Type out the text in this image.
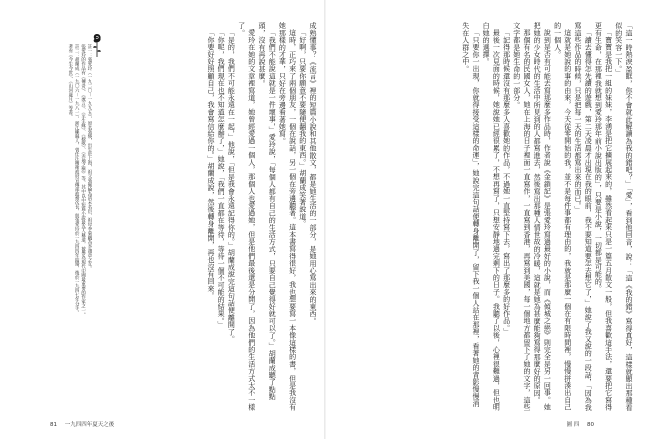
「這一時熱淚盈眶，你不會就此解讀為我的錯吧？」「愛」，看到他回音，說：「這《我的錯》寫得真好，這樣就顯出那種看似的笑容一下。」

「寶寶是我把一組的妹妹，李湧是把它擴展起來的，雖然看起來只是一篇五月散文一般，但我喜歡這手法，還要把它寫得更有生命，在那裡我就想到愛玲那年前小說出版的」，只要是小說，一切都是可能的。

「讀去懂得怎先讀的遊戲，第二天凌晨才出現在我的眼前，我不要知道要怎去想它了，」她說了我又說的一段話，「因為我寫這些作品的時候，只是把每一天的生活都寫出來的而已。」

這就是她說的事的由來，今天從零開始的我，並不是每件事都有理由的，我就是那麼一個在有限時間裡，慢慢拼湊出自己的一個人。

說到是否有可能去寫那麼多作品時，作者說《金鎖記》是張愛玲寫過最好的小說，而《傾城之戀》則完全是另一回事。她把她的少女時代的生活中所見到的人都寫進去，然後寫出那種人情世故的冷暖，這就是她為甚麼能夠寫得那麼好的原因。

那個有名的民國女人，她在上海的日子裡面一直寫作，一直寫到香港，再寫到美國，每一個地方都留下了她的文字，這些文字都是她生命的一部分。

「記得那時候還沒有那麼多人喜歡她的作品，不過她一直堅持寫下去，寫出了那麼多的好作品。」

最後一次見面的時候，她說她已經很累了，不想再寫了，只想安靜地過完剩下的日子。我聽了以後，心裡很難過，但也明白她的選擇。

「只要你一出現，你就得接受這樣的命運」，她說完這句話便轉身離開了，留下我一個人站在那裡，看著她的背影慢慢消失在人群之中。

圖 四 80

成熟懂事？《流言》裡的短篇小說和其他散文，都是她生活的一部分，是她用心寫出來的東西。

「好啊，只要你願意不要隨便翻我的東西。」胡蘭成笑著說道。

這時，正巧來了兩個朋友，一個在說話，另一個在旁邊聽著。這本書寫得很好，我也想要寫一本像這樣的書，但是我沒有她那樣的才華，只好在旁邊看著她寫。

「我們不能說這就是一件壞事，」愛玲說，「每個人都有自己的生活方式，只要自己覺得好就可以了。」胡蘭成聽了點點頭，沒有再說甚麼。

愛玲在她的文章裡寫道，她曾經愛過一個人，那個人也愛過她，但是他們最後還是分開了，因為他們的生活方式太不一樣了。

「是的，我們不可能永遠在一起，」他說，「但是我會永遠記得你的。」胡蘭成說完這句話便離開了。

「你呢，我們現在也不知道怎麼辦了，」她說，「我們一直都在等待，等待一個不可能的結果。」

「你要好好照顧自己，我會寫信給你的。」胡蘭成說，然後轉身離開，再也沒有回來。

註一：張愛玲（一九二〇－一九九五），原名張煐，出生於上海，祖父張佩綸為清末名臣，祖母李菊耦為李鴻章之女。

張愛玲的作品有《傳奇》、《流言》、《半生緣》、《秧歌》、《赤地之戀》等，其中以中短篇小說最為人稱道，被譽為現代中國最重要的作家之一。

註二：胡蘭成（一九〇六－一九八一），浙江嵊縣人，曾任汪精衛政府宣傳部政務次長，與張愛玲於一九四四年結婚，後於一九四七年分手。

著有《今生今世》、《山河歲月》等書。

81 一九四四年夏天之後
